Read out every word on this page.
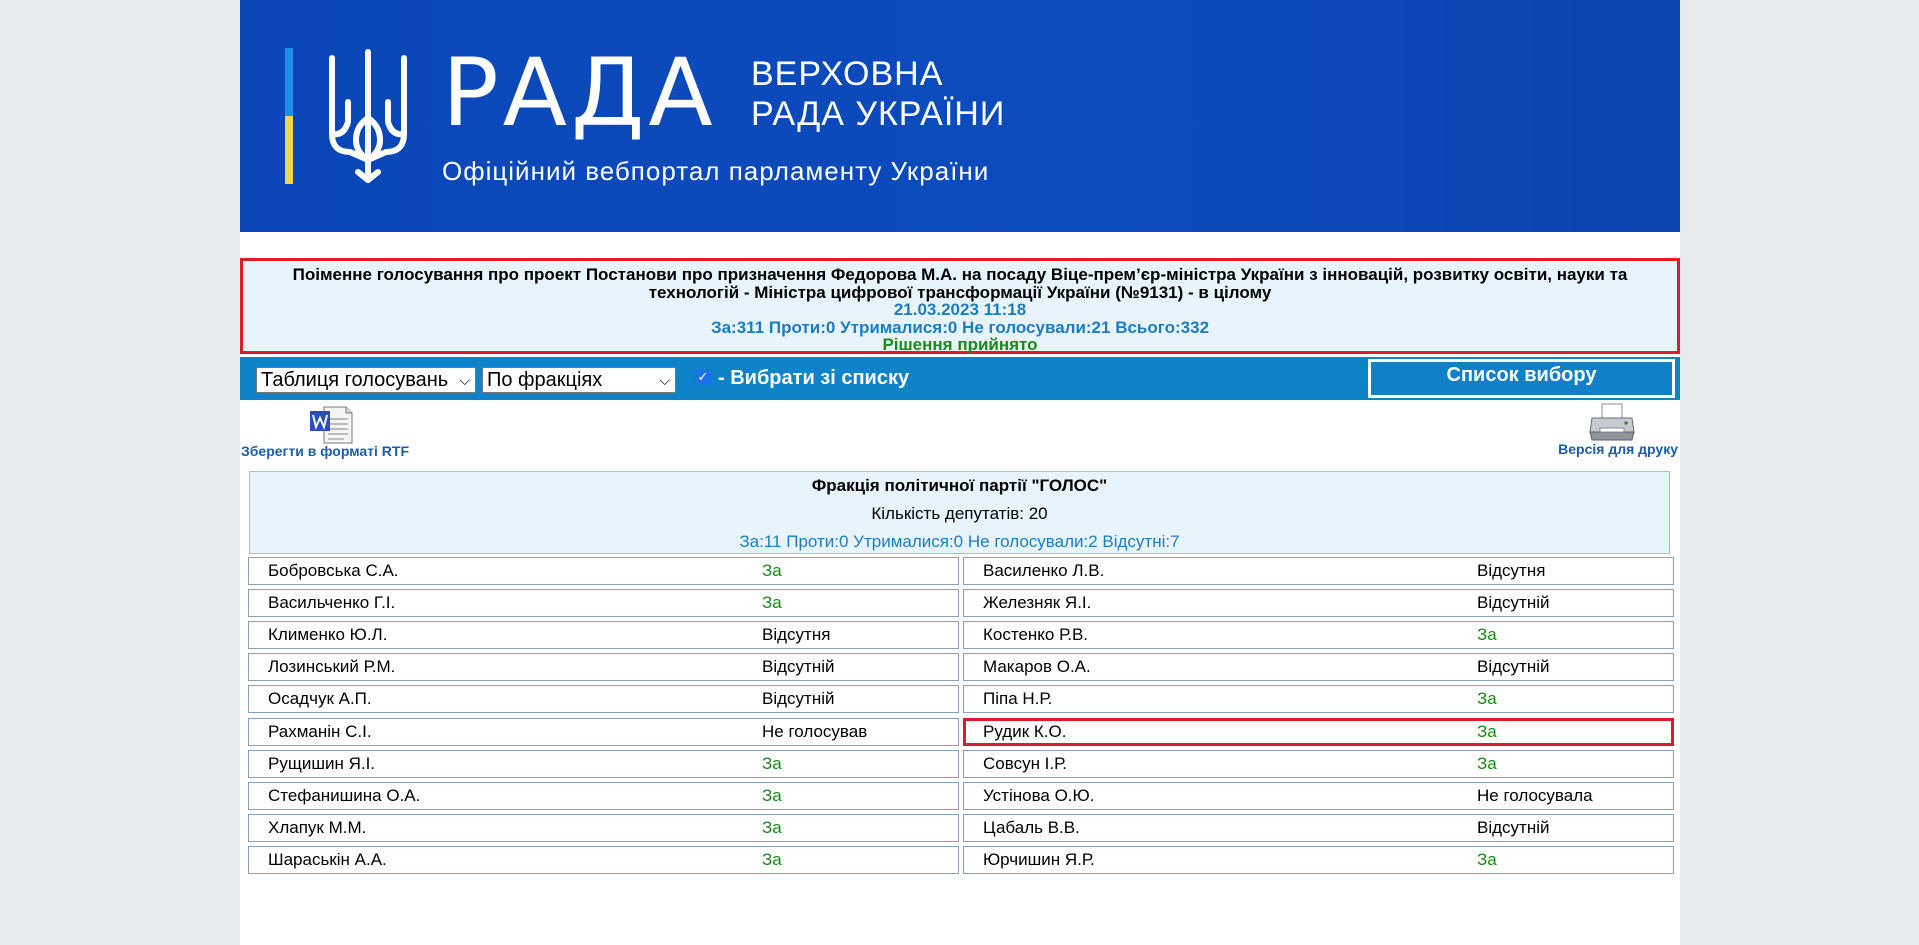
РАДА ВЕРХОВНА
РАДА УКРАЇНИ
Офіційний вебпортал парламенту України
Поіменне голосування про проект Постанови про призначення Федорова М.А. на посаду Віце-прем’єр-міністра України з інновацій, розвитку освіти, науки та технологій - Міністра цифрової трансформації України (№9131) - в цілому
21.03.2023 11:18
За:311 Проти:0 Утрималися:0 Не голосували:21 Всього:332
Рішення прийнято
Таблиця голосувань ⌵ По фракціях	⌵ ✓ - Вибрати зі списку	Список вибору
Зберегти в форматі RTF	Версія для друку
Фракція політичної партії "ГОЛОС"
Кількість депутатів: 20
За:11 Проти:0 Утрималися:0 Не голосували:2 Відсутні:7
Бобровська С.А.	За
Васильченко Г.І.	За
Клименко Ю.Л.	Відсутня
Лозинський Р.М.	Відсутній
Осадчук А.П.	Відсутній
Рахманін С.І.	Не голосував
Рущишин Я.І.	За
Стефанишина О.А.	За
Хлапук М.М.	За
Шараськін А.А.	За
Василенко Л.В.	Відсутня
Железняк Я.І.	Відсутній
Костенко Р.В.	За
Макаров О.А.	Відсутній
Піпа Н.Р.	За
Рудик К.О.	За
Совсун І.Р.	За
Устінова О.Ю.	Не голосувала
Цабаль В.В.	Відсутній
Юрчишин Я.Р.	За
